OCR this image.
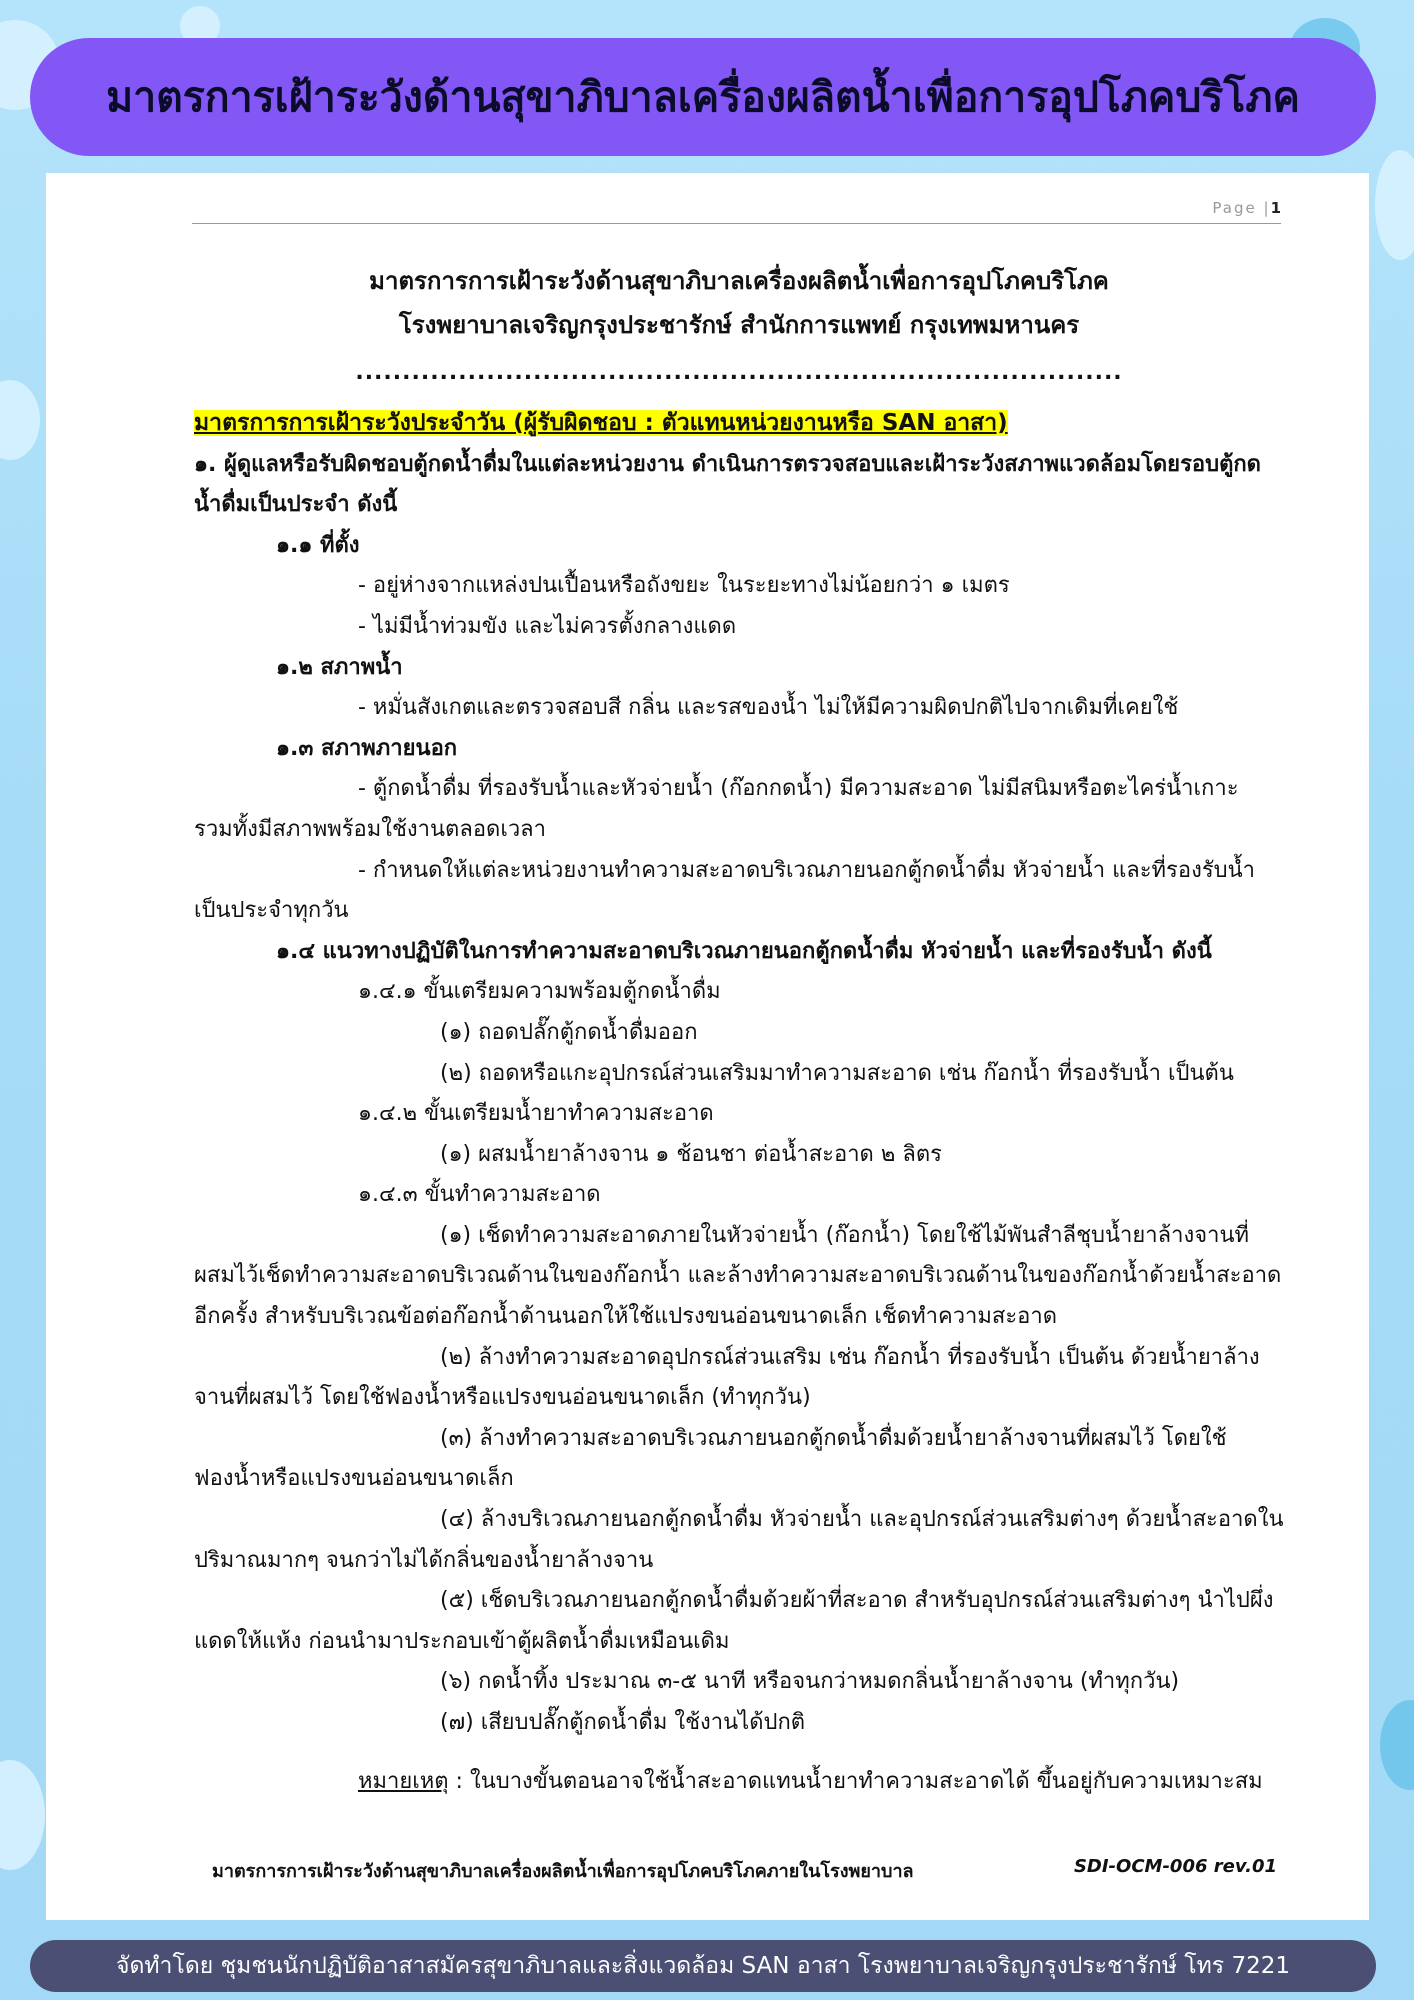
มาตรการเฝ้าระวังด้านสุขาภิบาลเครื่องผลิตน้ำเพื่อการอุปโภคบริโภค
Page |1

มาตรการการเฝ้าระวังด้านสุขาภิบาลเครื่องผลิตน้ำเพื่อการอุปโภคบริโภค

โรงพยาบาลเจริญกรุงประชารักษ์ สำนักการแพทย์ กรุงเทพมหานคร

..................................................................................

มาตรการการเฝ้าระวังประจำวัน (ผู้รับผิดชอบ : ตัวแทนหน่วยงานหรือ SAN อาสา)

๑. ผู้ดูแลหรือรับผิดชอบตู้กดน้ำดื่มในแต่ละหน่วยงาน ดำเนินการตรวจสอบและเฝ้าระวังสภาพแวดล้อมโดยรอบตู้กดน้ำดื่มเป็นประจำ ดังนี้

๑.๑ ที่ตั้ง

- อยู่ห่างจากแหล่งปนเปื้อนหรือถังขยะ ในระยะทางไม่น้อยกว่า ๑ เมตร

- ไม่มีน้ำท่วมขัง และไม่ควรตั้งกลางแดด

๑.๒ สภาพน้ำ

- หมั่นสังเกตและตรวจสอบสี กลิ่น และรสของน้ำ ไม่ให้มีความผิดปกติไปจากเดิมที่เคยใช้

๑.๓ สภาพภายนอก

- ตู้กดน้ำดื่ม ที่รองรับน้ำและหัวจ่ายน้ำ (ก๊อกกดน้ำ) มีความสะอาด ไม่มีสนิมหรือตะไคร่น้ำเกาะ รวมทั้งมีสภาพพร้อมใช้งานตลอดเวลา

- กำหนดให้แต่ละหน่วยงานทำความสะอาดบริเวณภายนอกตู้กดน้ำดื่ม หัวจ่ายน้ำ และที่รองรับน้ำ เป็นประจำทุกวัน

๑.๔ แนวทางปฏิบัติในการทำความสะอาดบริเวณภายนอกตู้กดน้ำดื่ม หัวจ่ายน้ำ และที่รองรับน้ำ ดังนี้

๑.๔.๑ ขั้นเตรียมความพร้อมตู้กดน้ำดื่ม

(๑) ถอดปลั๊กตู้กดน้ำดื่มออก

(๒) ถอดหรือแกะอุปกรณ์ส่วนเสริมมาทำความสะอาด เช่น ก๊อกน้ำ ที่รองรับน้ำ เป็นต้น

๑.๔.๒ ขั้นเตรียมน้ำยาทำความสะอาด

(๑) ผสมน้ำยาล้างจาน ๑ ช้อนชา ต่อน้ำสะอาด ๒ ลิตร

๑.๔.๓ ขั้นทำความสะอาด

(๑) เช็ดทำความสะอาดภายในหัวจ่ายน้ำ (ก๊อกน้ำ) โดยใช้ไม้พันสำลีชุบน้ำยาล้างจานที่ผสมไว้เช็ดทำความสะอาดบริเวณด้านในของก๊อกน้ำ และล้างทำความสะอาดบริเวณด้านในของก๊อกน้ำด้วยน้ำสะอาดอีกครั้ง สำหรับบริเวณข้อต่อก๊อกน้ำด้านนอกให้ใช้แปรงขนอ่อนขนาดเล็ก เช็ดทำความสะอาด

(๒) ล้างทำความสะอาดอุปกรณ์ส่วนเสริม เช่น ก๊อกน้ำ ที่รองรับน้ำ เป็นต้น ด้วยน้ำยาล้างจานที่ผสมไว้ โดยใช้ฟองน้ำหรือแปรงขนอ่อนขนาดเล็ก (ทำทุกวัน)

(๓) ล้างทำความสะอาดบริเวณภายนอกตู้กดน้ำดื่มด้วยน้ำยาล้างจานที่ผสมไว้ โดยใช้ฟองน้ำหรือแปรงขนอ่อนขนาดเล็ก

(๔) ล้างบริเวณภายนอกตู้กดน้ำดื่ม หัวจ่ายน้ำ และอุปกรณ์ส่วนเสริมต่างๆ ด้วยน้ำสะอาดในปริมาณมากๆ จนกว่าไม่ได้กลิ่นของน้ำยาล้างจาน

(๕) เช็ดบริเวณภายนอกตู้กดน้ำดื่มด้วยผ้าที่สะอาด สำหรับอุปกรณ์ส่วนเสริมต่างๆ นำไปผึ่งแดดให้แห้ง ก่อนนำมาประกอบเข้าตู้ผลิตน้ำดื่มเหมือนเดิม

(๖) กดน้ำทิ้ง ประมาณ ๓-๕ นาที หรือจนกว่าหมดกลิ่นน้ำยาล้างจาน (ทำทุกวัน)

(๗) เสียบปลั๊กตู้กดน้ำดื่ม ใช้งานได้ปกติ

หมายเหตุ : ในบางขั้นตอนอาจใช้น้ำสะอาดแทนน้ำยาทำความสะอาดได้ ขึ้นอยู่กับความเหมาะสม

มาตรการการเฝ้าระวังด้านสุขาภิบาลเครื่องผลิตน้ำเพื่อการอุปโภคบริโภคภายในโรงพยาบาล	SDI-OCM-006 rev.01
จัดทำโดย ชุมชนนักปฏิบัติอาสาสมัครสุขาภิบาลและสิ่งแวดล้อม SAN อาสา โรงพยาบาลเจริญกรุงประชารักษ์ โทร 7221
